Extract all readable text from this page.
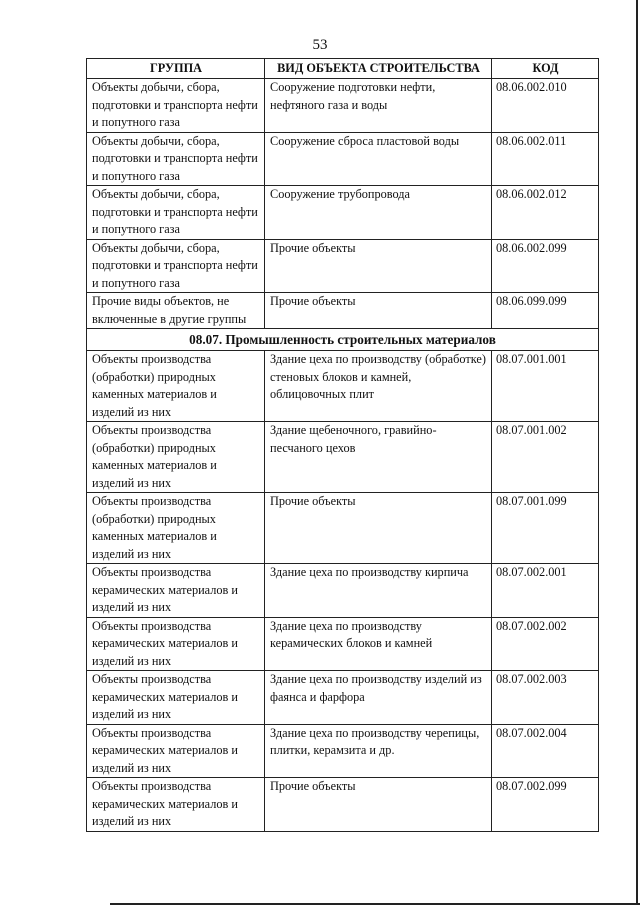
53
ГРУППА	ВИД ОБЪЕКТА СТРОИТЕЛЬСТВА	КОД
Объекты добычи, сбора, подготовки и транспорта нефти и попутного газа	Сооружение подготовки нефти, нефтяного газа и воды	08.06.002.010
Объекты добычи, сбора, подготовки и транспорта нефти и попутного газа	Сооружение сброса пластовой воды	08.06.002.011
Объекты добычи, сбора, подготовки и транспорта нефти и попутного газа	Сооружение трубопровода	08.06.002.012
Объекты добычи, сбора, подготовки и транспорта нефти и попутного газа	Прочие объекты	08.06.002.099
Прочие виды объектов, не включенные в другие группы	Прочие объекты	08.06.099.099
08.07. Промышленность строительных материалов		
Объекты производства (обработки) природных каменных материалов и изделий из них	Здание цеха по производству (обработке) стеновых блоков и камней, облицовочных плит	08.07.001.001
Объекты производства (обработки) природных каменных материалов и изделий из них	Здание щебеночного, гравийно-песчаного цехов	08.07.001.002
Объекты производства (обработки) природных каменных материалов и изделий из них	Прочие объекты	08.07.001.099
Объекты производства керамических материалов и изделий из них	Здание цеха по производству кирпича	08.07.002.001
Объекты производства керамических материалов и изделий из них	Здание цеха по производству керамических блоков и камней	08.07.002.002
Объекты производства керамических материалов и изделий из них	Здание цеха по производству изделий из фаянса и фарфора	08.07.002.003
Объекты производства керамических материалов и изделий из них	Здание цеха по производству черепицы, плитки, керамзита и др.	08.07.002.004
Объекты производства керамических материалов и изделий из них	Прочие объекты	08.07.002.099
